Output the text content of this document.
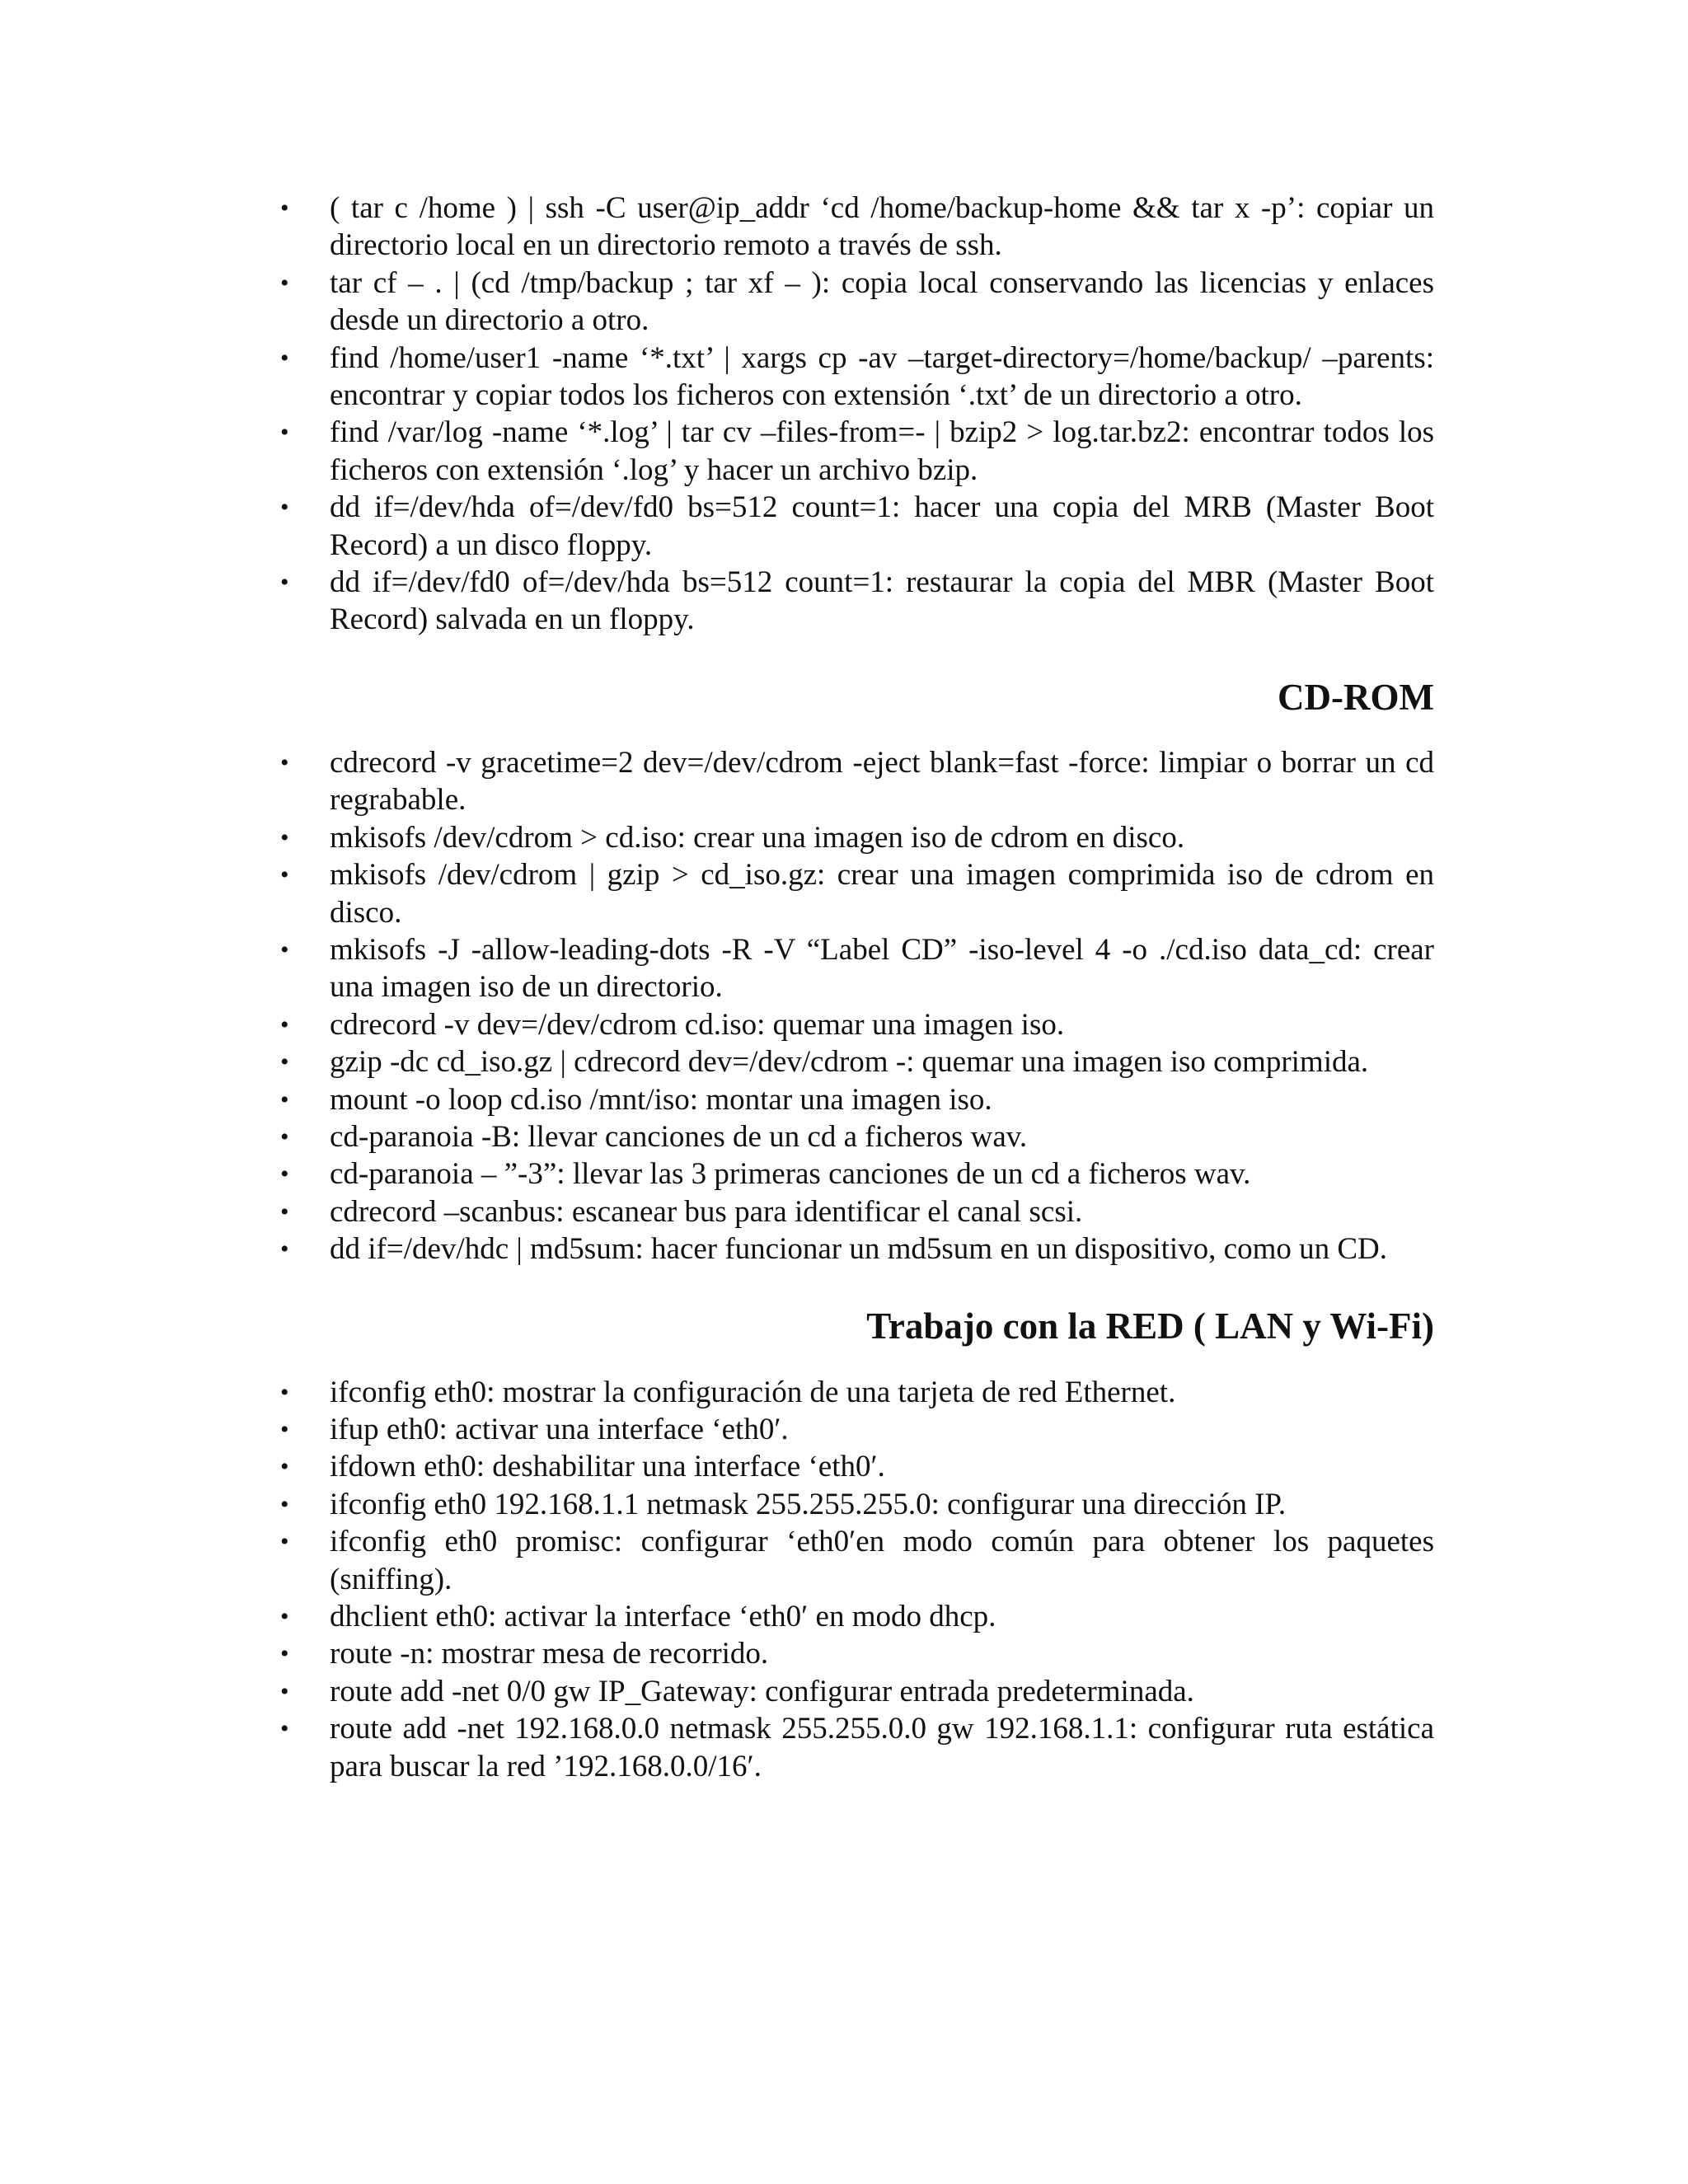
• ( tar c /home ) | ssh -C user@ip_addr ‘cd /home/backup-home && tar x -p’: copiar un directorio local en un directorio remoto a través de ssh.
• tar cf – . | (cd /tmp/backup ; tar xf – ): copia local conservando las licencias y enlaces desde un directorio a otro.
• find /home/user1 -name ‘*.txt’ | xargs cp -av –target-directory=/home/backup/ –parents: encontrar y copiar todos los ficheros con extensión ‘.txt’ de un directorio a otro.
• find /var/log -name ‘*.log’ | tar cv –files-from=- | bzip2 > log.tar.bz2: encontrar todos los ficheros con extensión ‘.log’ y hacer un archivo bzip.
• dd if=/dev/hda of=/dev/fd0 bs=512 count=1: hacer una copia del MRB (Master Boot Record) a un disco floppy.
• dd if=/dev/fd0 of=/dev/hda bs=512 count=1: restaurar la copia del MBR (Master Boot Record) salvada en un floppy.
CD-ROM
• cdrecord -v gracetime=2 dev=/dev/cdrom -eject blank=fast -force: limpiar o borrar un cd regrabable.
• mkisofs /dev/cdrom > cd.iso: crear una imagen iso de cdrom en disco.
• mkisofs /dev/cdrom | gzip > cd_iso.gz: crear una imagen comprimida iso de cdrom en disco.
• mkisofs -J -allow-leading-dots -R -V “Label CD” -iso-level 4 -o ./cd.iso data_cd: crear una imagen iso de un directorio.
• cdrecord -v dev=/dev/cdrom cd.iso: quemar una imagen iso.
• gzip -dc cd_iso.gz | cdrecord dev=/dev/cdrom -: quemar una imagen iso comprimida.
• mount -o loop cd.iso /mnt/iso: montar una imagen iso.
• cd-paranoia -B: llevar canciones de un cd a ficheros wav.
• cd-paranoia – ”-3”: llevar las 3 primeras canciones de un cd a ficheros wav.
• cdrecord –scanbus: escanear bus para identificar el canal scsi.
• dd if=/dev/hdc | md5sum: hacer funcionar un md5sum en un dispositivo, como un CD.
Trabajo con la RED ( LAN y Wi-Fi)
• ifconfig eth0: mostrar la configuración de una tarjeta de red Ethernet.
• ifup eth0: activar una interface ‘eth0′.
• ifdown eth0: deshabilitar una interface ‘eth0′.
• ifconfig eth0 192.168.1.1 netmask 255.255.255.0: configurar una dirección IP.
• ifconfig eth0 promisc: configurar ‘eth0′en modo común para obtener los paquetes (sniffing).
• dhclient eth0: activar la interface ‘eth0′ en modo dhcp.
• route -n: mostrar mesa de recorrido.
• route add -net 0/0 gw IP_Gateway: configurar entrada predeterminada.
• route add -net 192.168.0.0 netmask 255.255.0.0 gw 192.168.1.1: configurar ruta estática para buscar la red ’192.168.0.0/16′.
